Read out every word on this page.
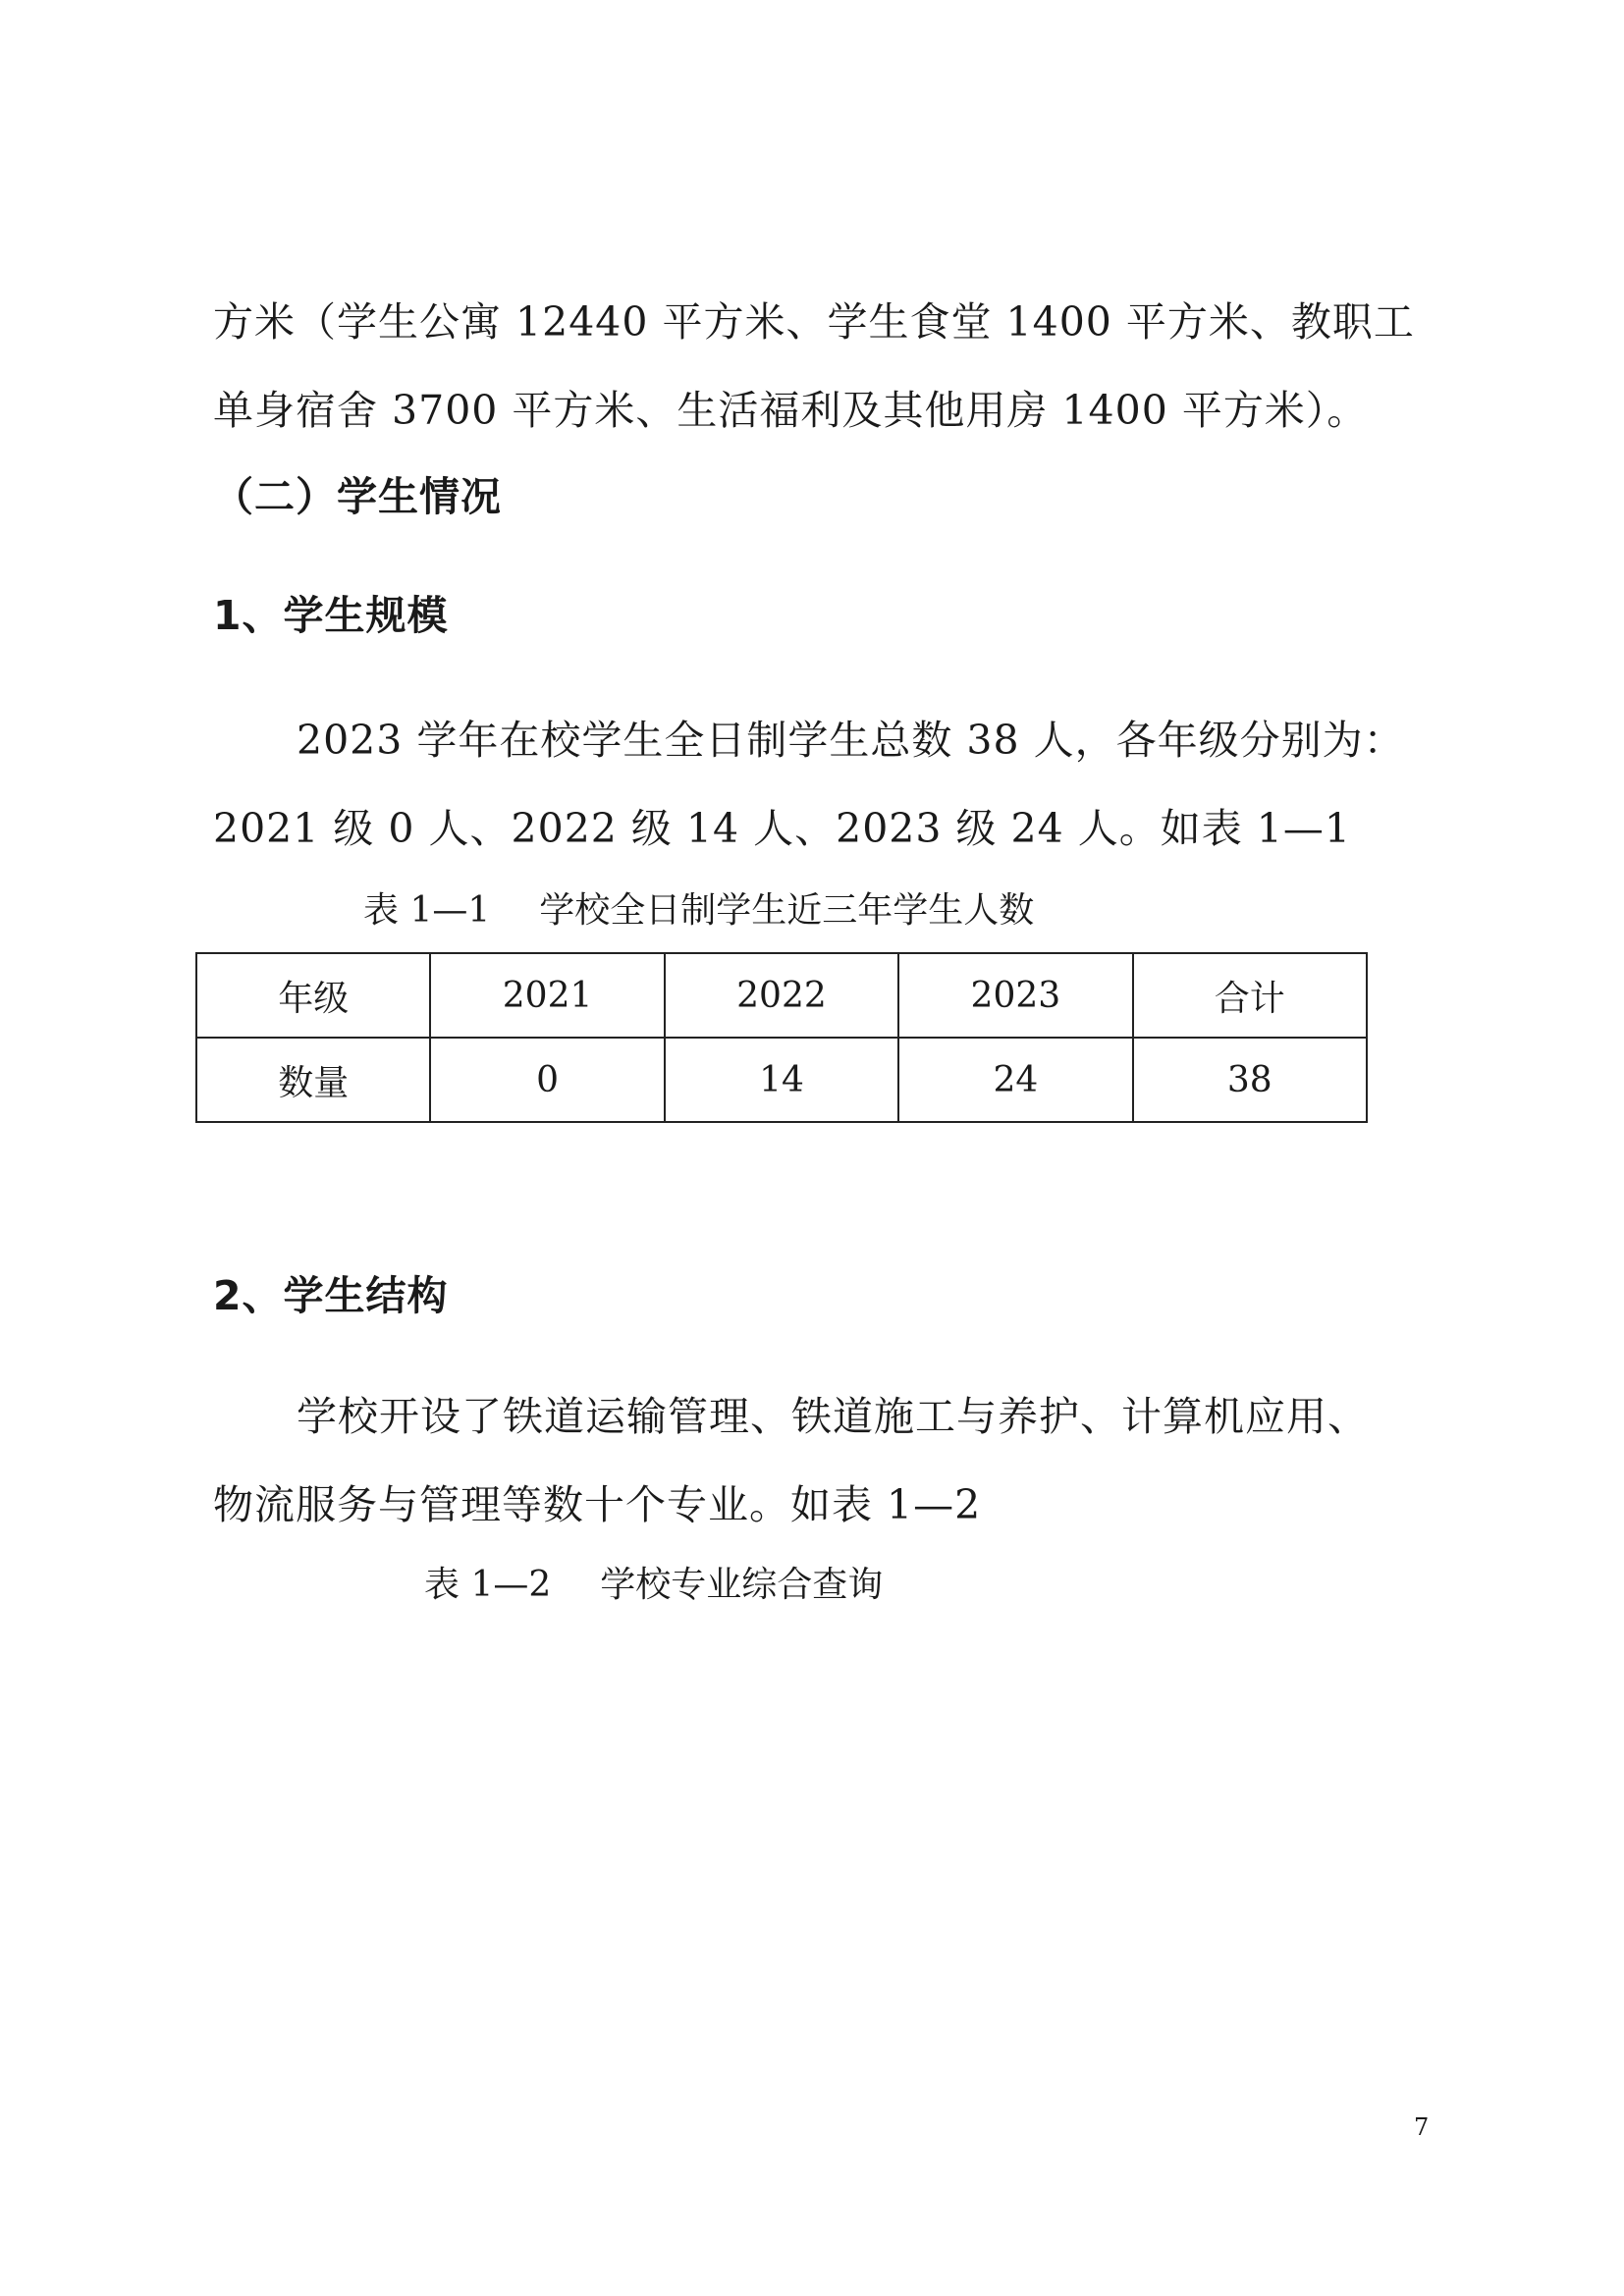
方米（学生公寓 12440 平方米、学生食堂 1400 平方米、教职工
单身宿舍 3700 平方米、生活福利及其他用房 1400 平方米）。
（二）学生情况
1、学生规模
2023 学年在校学生全日制学生总数 38 人，各年级分别为：
2021 级 0 人、2022 级 14 人、2023 级 24 人。如表 1—1
表 1—1 学校全日制学生近三年学生人数
年级	2021	2022	2023	合计
数量	0	14	24	38
2、学生结构
学校开设了铁道运输管理、铁道施工与养护、计算机应用、
物流服务与管理等数十个专业。如表 1—2
表 1—2 学校专业综合查询
7
